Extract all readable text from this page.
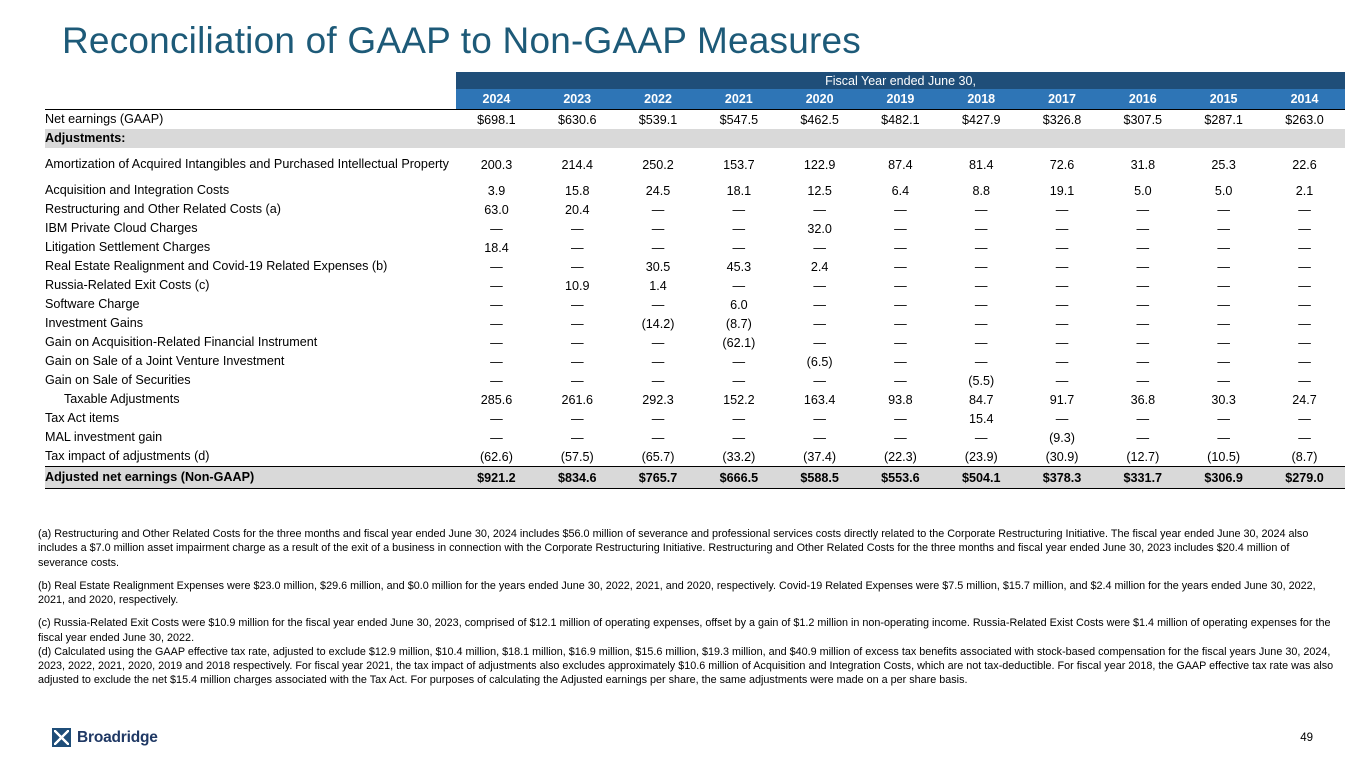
Reconciliation of GAAP to Non-GAAP Measures
	Fiscal Year ended June 30,										
Dollars in millions, except per share amounts	2024	2023	2022	2021	2020	2019	2018	2017	2016	2015	2014
Net earnings (GAAP)	$698.1	$630.6	$539.1	$547.5	$462.5	$482.1	$427.9	$326.8	$307.5	$287.1	$263.0
Adjustments:											
Amortization of Acquired Intangibles and Purchased Intellectual Property	200.3	214.4	250.2	153.7	122.9	87.4	81.4	72.6	31.8	25.3	22.6
Acquisition and Integration Costs	3.9	15.8	24.5	18.1	12.5	6.4	8.8	19.1	5.0	5.0	2.1
Restructuring and Other Related Costs (a)	63.0	20.4	—	—	—	—	—	—	—	—	—
IBM Private Cloud Charges	—	—	—	—	32.0	—	—	—	—	—	—
Litigation Settlement Charges	18.4	—	—	—	—	—	—	—	—	—	—
Real Estate Realignment and Covid-19 Related Expenses (b)	—	—	30.5	45.3	2.4	—	—	—	—	—	—
Russia-Related Exit Costs (c)	—	10.9	1.4	—	—	—	—	—	—	—	—
Software Charge	—	—	—	6.0	—	—	—	—	—	—	—
Investment Gains	—	—	(14.2)	(8.7)	—	—	—	—	—	—	—
Gain on Acquisition-Related Financial Instrument	—	—	—	(62.1)	—	—	—	—	—	—	—
Gain on Sale of a Joint Venture Investment	—	—	—	—	(6.5)	—	—	—	—	—	—
Gain on Sale of Securities	—	—	—	—	—	—	(5.5)	—	—	—	—
Taxable Adjustments	285.6	261.6	292.3	152.2	163.4	93.8	84.7	91.7	36.8	30.3	24.7
Tax Act items	—	—	—	—	—	—	15.4	—	—	—	—
MAL investment gain	—	—	—	—	—	—	—	(9.3)	—	—	—
Tax impact of adjustments (d)	(62.6)	(57.5)	(65.7)	(33.2)	(37.4)	(22.3)	(23.9)	(30.9)	(12.7)	(10.5)	(8.7)
Adjusted net earnings (Non-GAAP)	$921.2	$834.6	$765.7	$666.5	$588.5	$553.6	$504.1	$378.3	$331.7	$306.9	$279.0

(a) Restructuring and Other Related Costs for the three months and fiscal year ended June 30, 2024 includes $56.0 million of severance and professional services costs directly related to the Corporate Restructuring Initiative. The fiscal year ended June 30, 2024 also includes a $7.0 million asset impairment charge as a result of the exit of a business in connection with the Corporate Restructuring Initiative. Restructuring and Other Related Costs for the three months and fiscal year ended June 30, 2023 includes $20.4 million of severance costs.

(b) Real Estate Realignment Expenses were $23.0 million, $29.6 million, and $0.0 million for the years ended June 30, 2022, 2021, and 2020, respectively. Covid-19 Related Expenses were $7.5 million, $15.7 million, and $2.4 million for the years ended June 30, 2022, 2021, and 2020, respectively.

(c) Russia-Related Exit Costs were $10.9 million for the fiscal year ended June 30, 2023, comprised of $12.1 million of operating expenses, offset by a gain of $1.2 million in non-operating income. Russia-Related Exist Costs were $1.4 million of operating expenses for the fiscal year ended June 30, 2022.

(d) Calculated using the GAAP effective tax rate, adjusted to exclude $12.9 million, $10.4 million, $18.1 million, $16.9 million, $15.6 million, $19.3 million, and $40.9 million of excess tax benefits associated with stock-based compensation for the fiscal years June 30, 2024, 2023, 2022, 2021, 2020, 2019 and 2018 respectively. For fiscal year 2021, the tax impact of adjustments also excludes approximately $10.6 million of Acquisition and Integration Costs, which are not tax-deductible. For fiscal year 2018, the GAAP effective tax rate was also adjusted to exclude the net $15.4 million charges associated with the Tax Act. For purposes of calculating the Adjusted earnings per share, the same adjustments were made on a per share basis.

Broadridge	49
